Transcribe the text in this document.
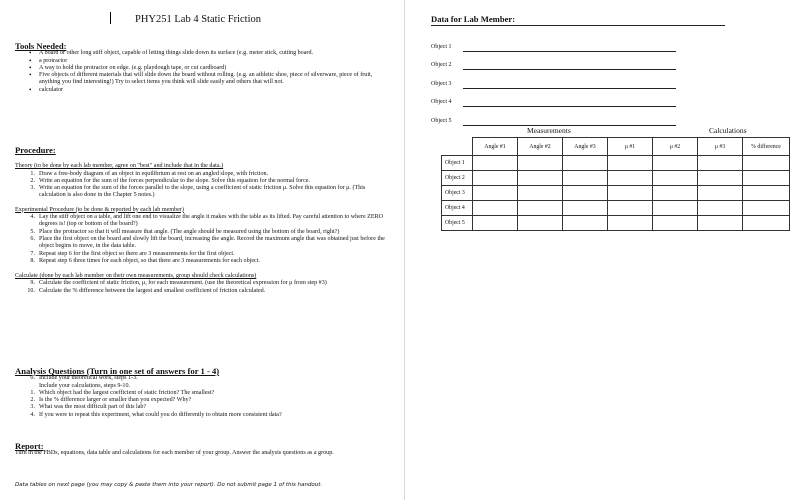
PHY251 Lab 4 Static Friction
Tools Needed:
• A board or other long stiff object, capable of letting things slide down its surface (e.g. meter stick, cutting board.
• a protractor
• A way to hold the protractor on edge. (e.g. playdough tape, or cut cardboard)
• Five objects of different materials that will slide down the board without rolling. (e.g. an athletic shoe, piece of silverware, piece of fruit, anything you find interesting!) Try to select items you think will slide easily and others that will not.
• calculator
Procedure:
Theory (to be done by each lab member, agree on "best" and include that in the data.)
1. Draw a free-body diagram of an object in equilibrium at rest on an angled slope, with friction.
2. Write an equation for the sum of the forces perpendicular to the slope. Solve this equation for the normal force.
3. Write an equation for the sum of the forces parallel to the slope, using a coefficient of static friction μ. Solve this equation for μ. (This calculation is also done in the Chapter 5 notes.)
Experimental Procedure (to be done & reported by each lab member)
4. Lay the stiff object on a table, and lift one end to visualize the angle it makes with the table as its lifted. Pay careful attention to where ZERO degrees is! (top or bottom of the board?)
5. Place the protractor so that it will measure that angle. (The angle should be measured using the bottom of the board, right?)
6. Place the first object on the board and slowly lift the board, increasing the angle. Record the maximum angle that was obtained just before the object begins to move, in the data table.
7. Repeat step 6 for the first object so there are 3 measurements for the first object.
8. Repeat step 6 three times for each object, so that there are 3 measurements for each object.
Calculate (done by each lab member on their own measurements, group should check calculations)
9. Calculate the coefficient of static friction, μ, for each measurement. (use the theoretical expression for μ from step #3)
10. Calculate the % difference between the largest and smallest coefficient of friction calculated.
Analysis Questions (Turn in one set of answers for 1 - 4)
0. Include your theoretical work, steps 1-3.
Include your calculations, steps 9-10.
1. Which object had the largest coefficient of static friction? The smallest?
2. Is the % difference larger or smaller than you expected? Why?
3. What was the most difficult part of this lab?
4. If you were to repeat this experiment, what could you do differently to obtain more consistent data?
Report:
Turn in the FBDs, equations, data table and calculations for each member of your group. Answer the analysis questions as a group.
Data tables on next page (you may copy & paste them into your report). Do not submit page 1 of this handout.
Data for Lab Member:
Object 1
Object 2
Object 3
Object 4
Object 5
Measurements	Calculations
	Angle #1	Angle #2	Angle #3	μ #1	μ #2	μ #3	% difference
Object 1							
Object 2							
Object 3							
Object 4							
Object 5							
